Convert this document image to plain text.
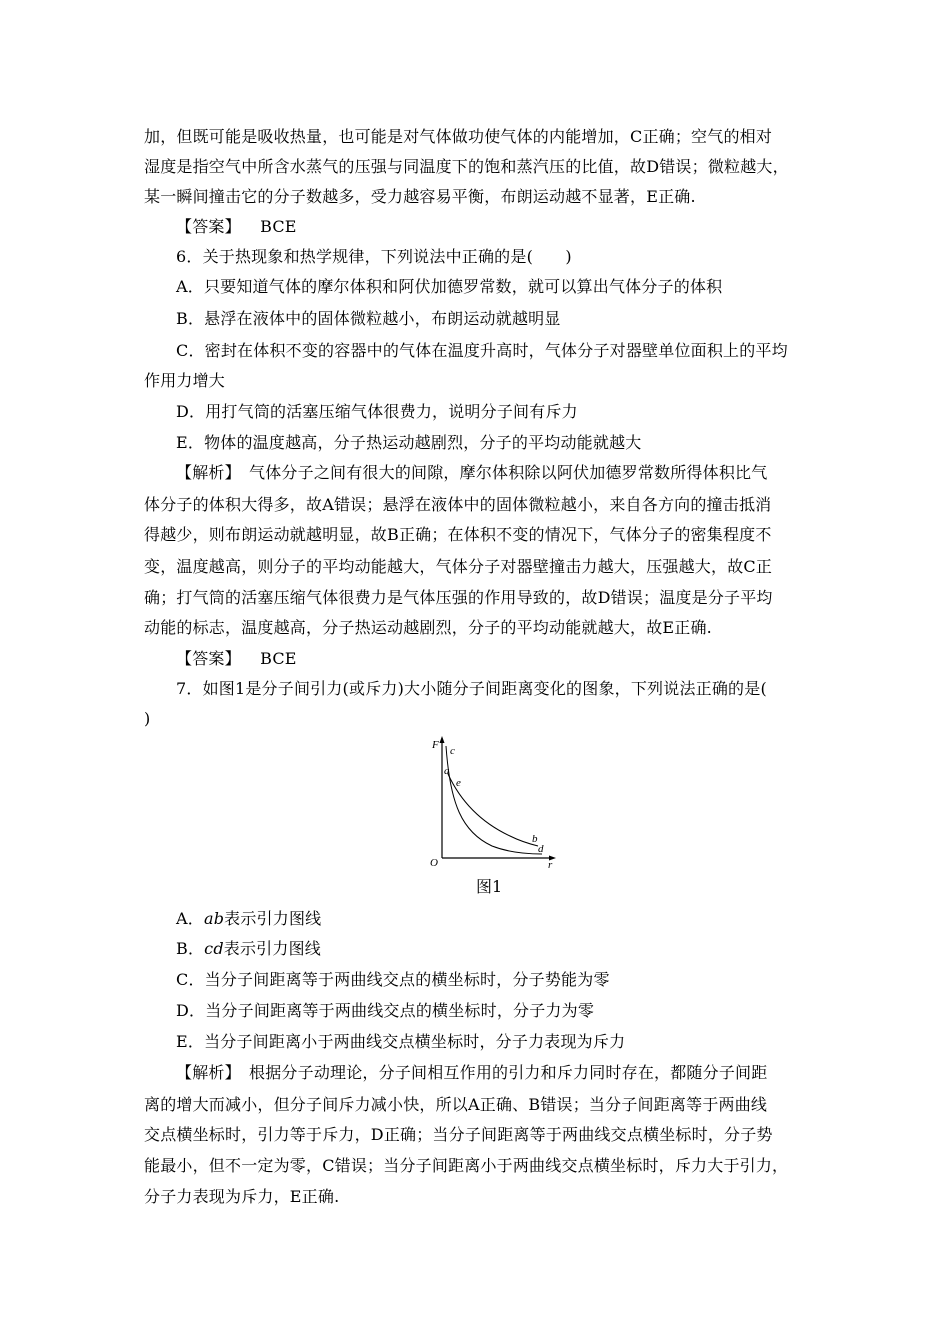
加，但既可能是吸收热量，也可能是对气体做功使气体的内能增加，C正确；空气的相对
湿度是指空气中所含水蒸气的压强与同温度下的饱和蒸汽压的比值，故D错误；微粒越大，
某一瞬间撞击它的分子数越多，受力越容易平衡，布朗运动越不显著，E正确.
【答案】 BCE
6．关于热现象和热学规律，下列说法中正确的是(　　)
A．只要知道气体的摩尔体积和阿伏加德罗常数，就可以算出气体分子的体积
B．悬浮在液体中的固体微粒越小，布朗运动就越明显
C．密封在体积不变的容器中的气体在温度升高时，气体分子对器壁单位面积上的平均
作用力增大
D．用打气筒的活塞压缩气体很费力，说明分子间有斥力
E．物体的温度越高，分子热运动越剧烈，分子的平均动能就越大
【解析】　气体分子之间有很大的间隙，摩尔体积除以阿伏加德罗常数所得体积比气
体分子的体积大得多，故A错误；悬浮在液体中的固体微粒越小，来自各方向的撞击抵消
得越少，则布朗运动就越明显，故B正确；在体积不变的情况下，气体分子的密集程度不
变，温度越高，则分子的平均动能越大，气体分子对器壁撞击力越大，压强越大，故C正
确；打气筒的活塞压缩气体很费力是气体压强的作用导致的，故D错误；温度是分子平均
动能的标志，温度越高，分子热运动越剧烈，分子的平均动能就越大，故E正确.
【答案】 BCE
7．如图1是分子间引力(或斥力)大小随分子间距离变化的图象，下列说法正确的是(
)
F c
a
e
b
d
O	r
图1
A．ab表示引力图线
B．cd表示引力图线
C．当分子间距离等于两曲线交点的横坐标时，分子势能为零
D．当分子间距离等于两曲线交点的横坐标时，分子力为零
E．当分子间距离小于两曲线交点横坐标时，分子力表现为斥力
【解析】　根据分子动理论，分子间相互作用的引力和斥力同时存在，都随分子间距
离的增大而减小，但分子间斥力减小快，所以A正确、B错误；当分子间距离等于两曲线
交点横坐标时，引力等于斥力，D正确；当分子间距离等于两曲线交点横坐标时，分子势
能最小，但不一定为零，C错误；当分子间距离小于两曲线交点横坐标时，斥力大于引力，
分子力表现为斥力，E正确.
